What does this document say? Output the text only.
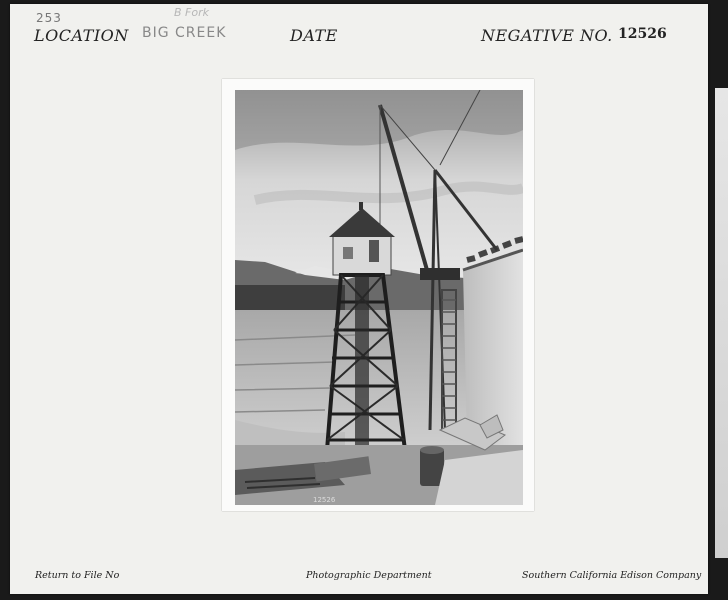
253	B Fork
LOCATION BIG CREEK	DATE	NEGATIVE NO. 12526
12526
Return to File No	Photographic Department	Southern California Edison Company
